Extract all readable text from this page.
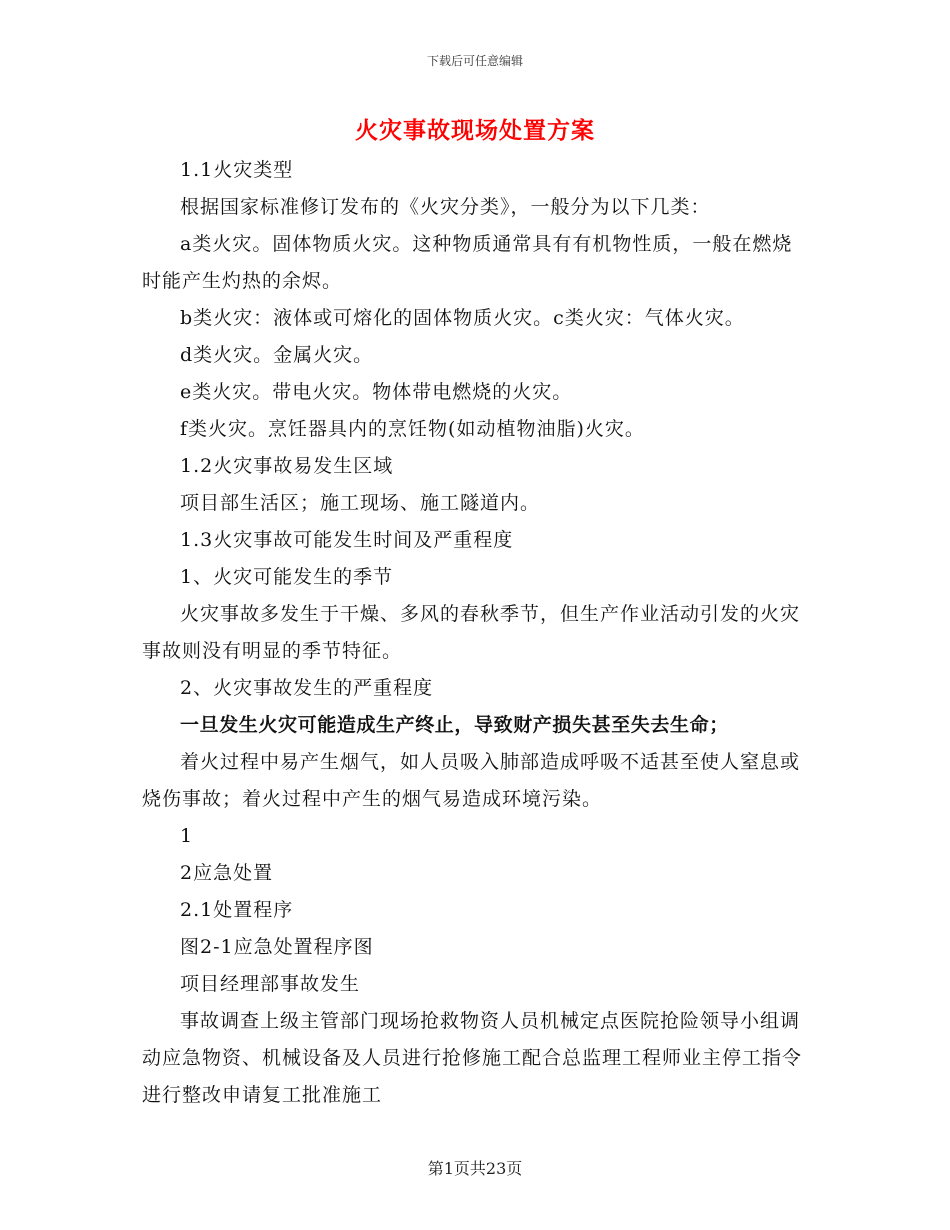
下载后可任意编辑
火灾事故现场处置方案

1.1火灾类型

根据国家标准修订发布的《火灾分类》，一般分为以下几类：

a类火灾。固体物质火灾。这种物质通常具有有机物性质，一般在燃烧时能产生灼热的余烬。

b类火灾：液体或可熔化的固体物质火灾。c类火灾：气体火灾。

d类火灾。金属火灾。

e类火灾。带电火灾。物体带电燃烧的火灾。

f类火灾。烹饪器具内的烹饪物(如动植物油脂)火灾。

1.2火灾事故易发生区域

项目部生活区；施工现场、施工隧道内。

1.3火灾事故可能发生时间及严重程度

1、火灾可能发生的季节

火灾事故多发生于干燥、多风的春秋季节，但生产作业活动引发的火灾事故则没有明显的季节特征。

2、火灾事故发生的严重程度

一旦发生火灾可能造成生产终止，导致财产损失甚至失去生命；

着火过程中易产生烟气，如人员吸入肺部造成呼吸不适甚至使人窒息或烧伤事故；着火过程中产生的烟气易造成环境污染。

1

2应急处置

2.1处置程序

图2-1应急处置程序图

项目经理部事故发生

事故调查上级主管部门现场抢救物资人员机械定点医院抢险领导小组调动应急物资、机械设备及人员进行抢修施工配合总监理工程师业主停工指令进行整改申请复工批准施工

第1页共23页
